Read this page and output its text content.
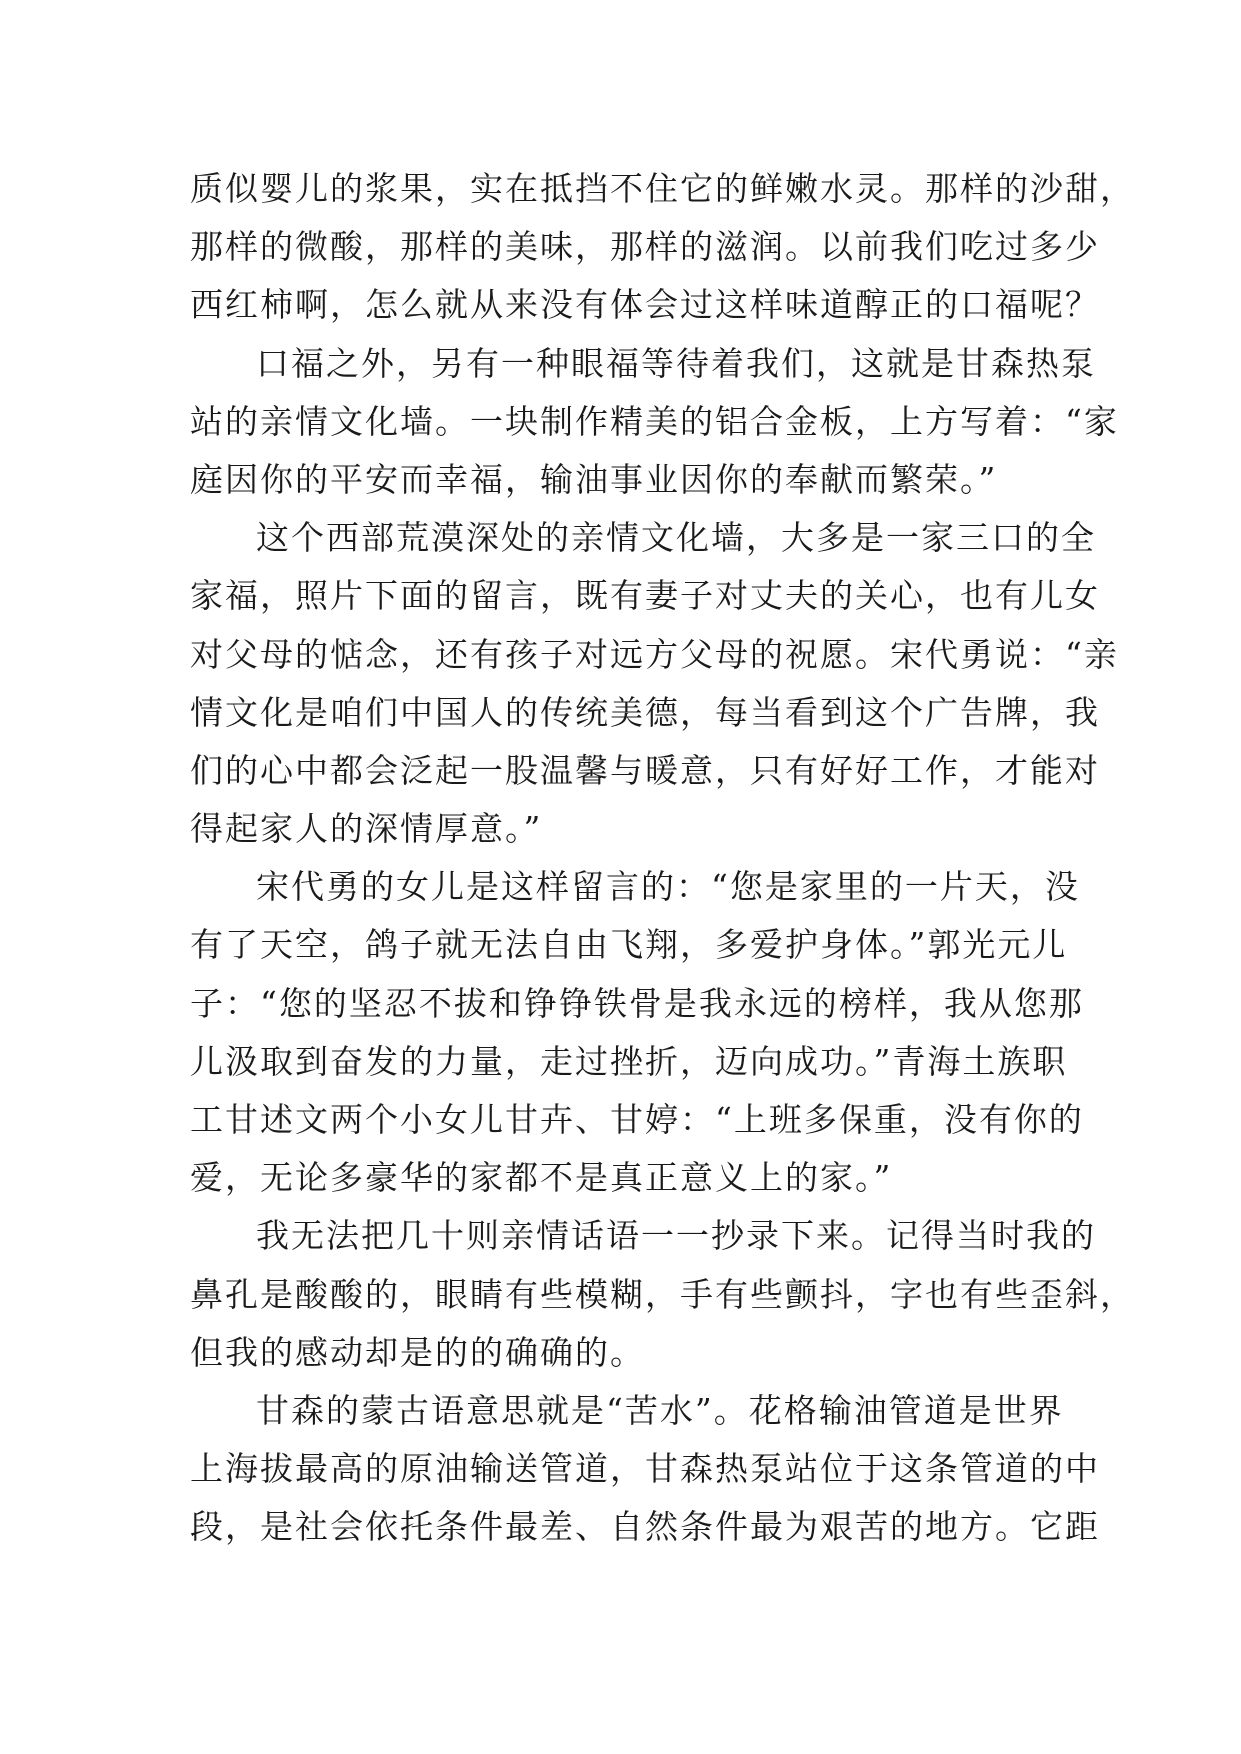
质似婴儿的浆果，实在抵挡不住它的鲜嫩水灵。那样的沙甜，
那样的微酸，那样的美味，那样的滋润。以前我们吃过多少
西红柿啊，怎么就从来没有体会过这样味道醇正的口福呢？
口福之外，另有一种眼福等待着我们，这就是甘森热泵
站的亲情文化墙。一块制作精美的铝合金板，上方写着：“家
庭因你的平安而幸福，输油事业因你的奉献而繁荣。”
这个西部荒漠深处的亲情文化墙，大多是一家三口的全
家福，照片下面的留言，既有妻子对丈夫的关心，也有儿女
对父母的惦念，还有孩子对远方父母的祝愿。宋代勇说：“亲
情文化是咱们中国人的传统美德，每当看到这个广告牌，我
们的心中都会泛起一股温馨与暖意，只有好好工作，才能对
得起家人的深情厚意。”
宋代勇的女儿是这样留言的：“您是家里的一片天，没
有了天空，鸽子就无法自由飞翔，多爱护身体。”郭光元儿
子：“您的坚忍不拔和铮铮铁骨是我永远的榜样，我从您那
儿汲取到奋发的力量，走过挫折，迈向成功。”青海土族职
工甘述文两个小女儿甘卉、甘婷：“上班多保重，没有你的
爱，无论多豪华的家都不是真正意义上的家。”
我无法把几十则亲情话语一一抄录下来。记得当时我的
鼻孔是酸酸的，眼睛有些模糊，手有些颤抖，字也有些歪斜，
但我的感动却是的的确确的。
甘森的蒙古语意思就是“苦水”。花格输油管道是世界
上海拔最高的原油输送管道，甘森热泵站位于这条管道的中
段，是社会依托条件最差、自然条件最为艰苦的地方。它距
